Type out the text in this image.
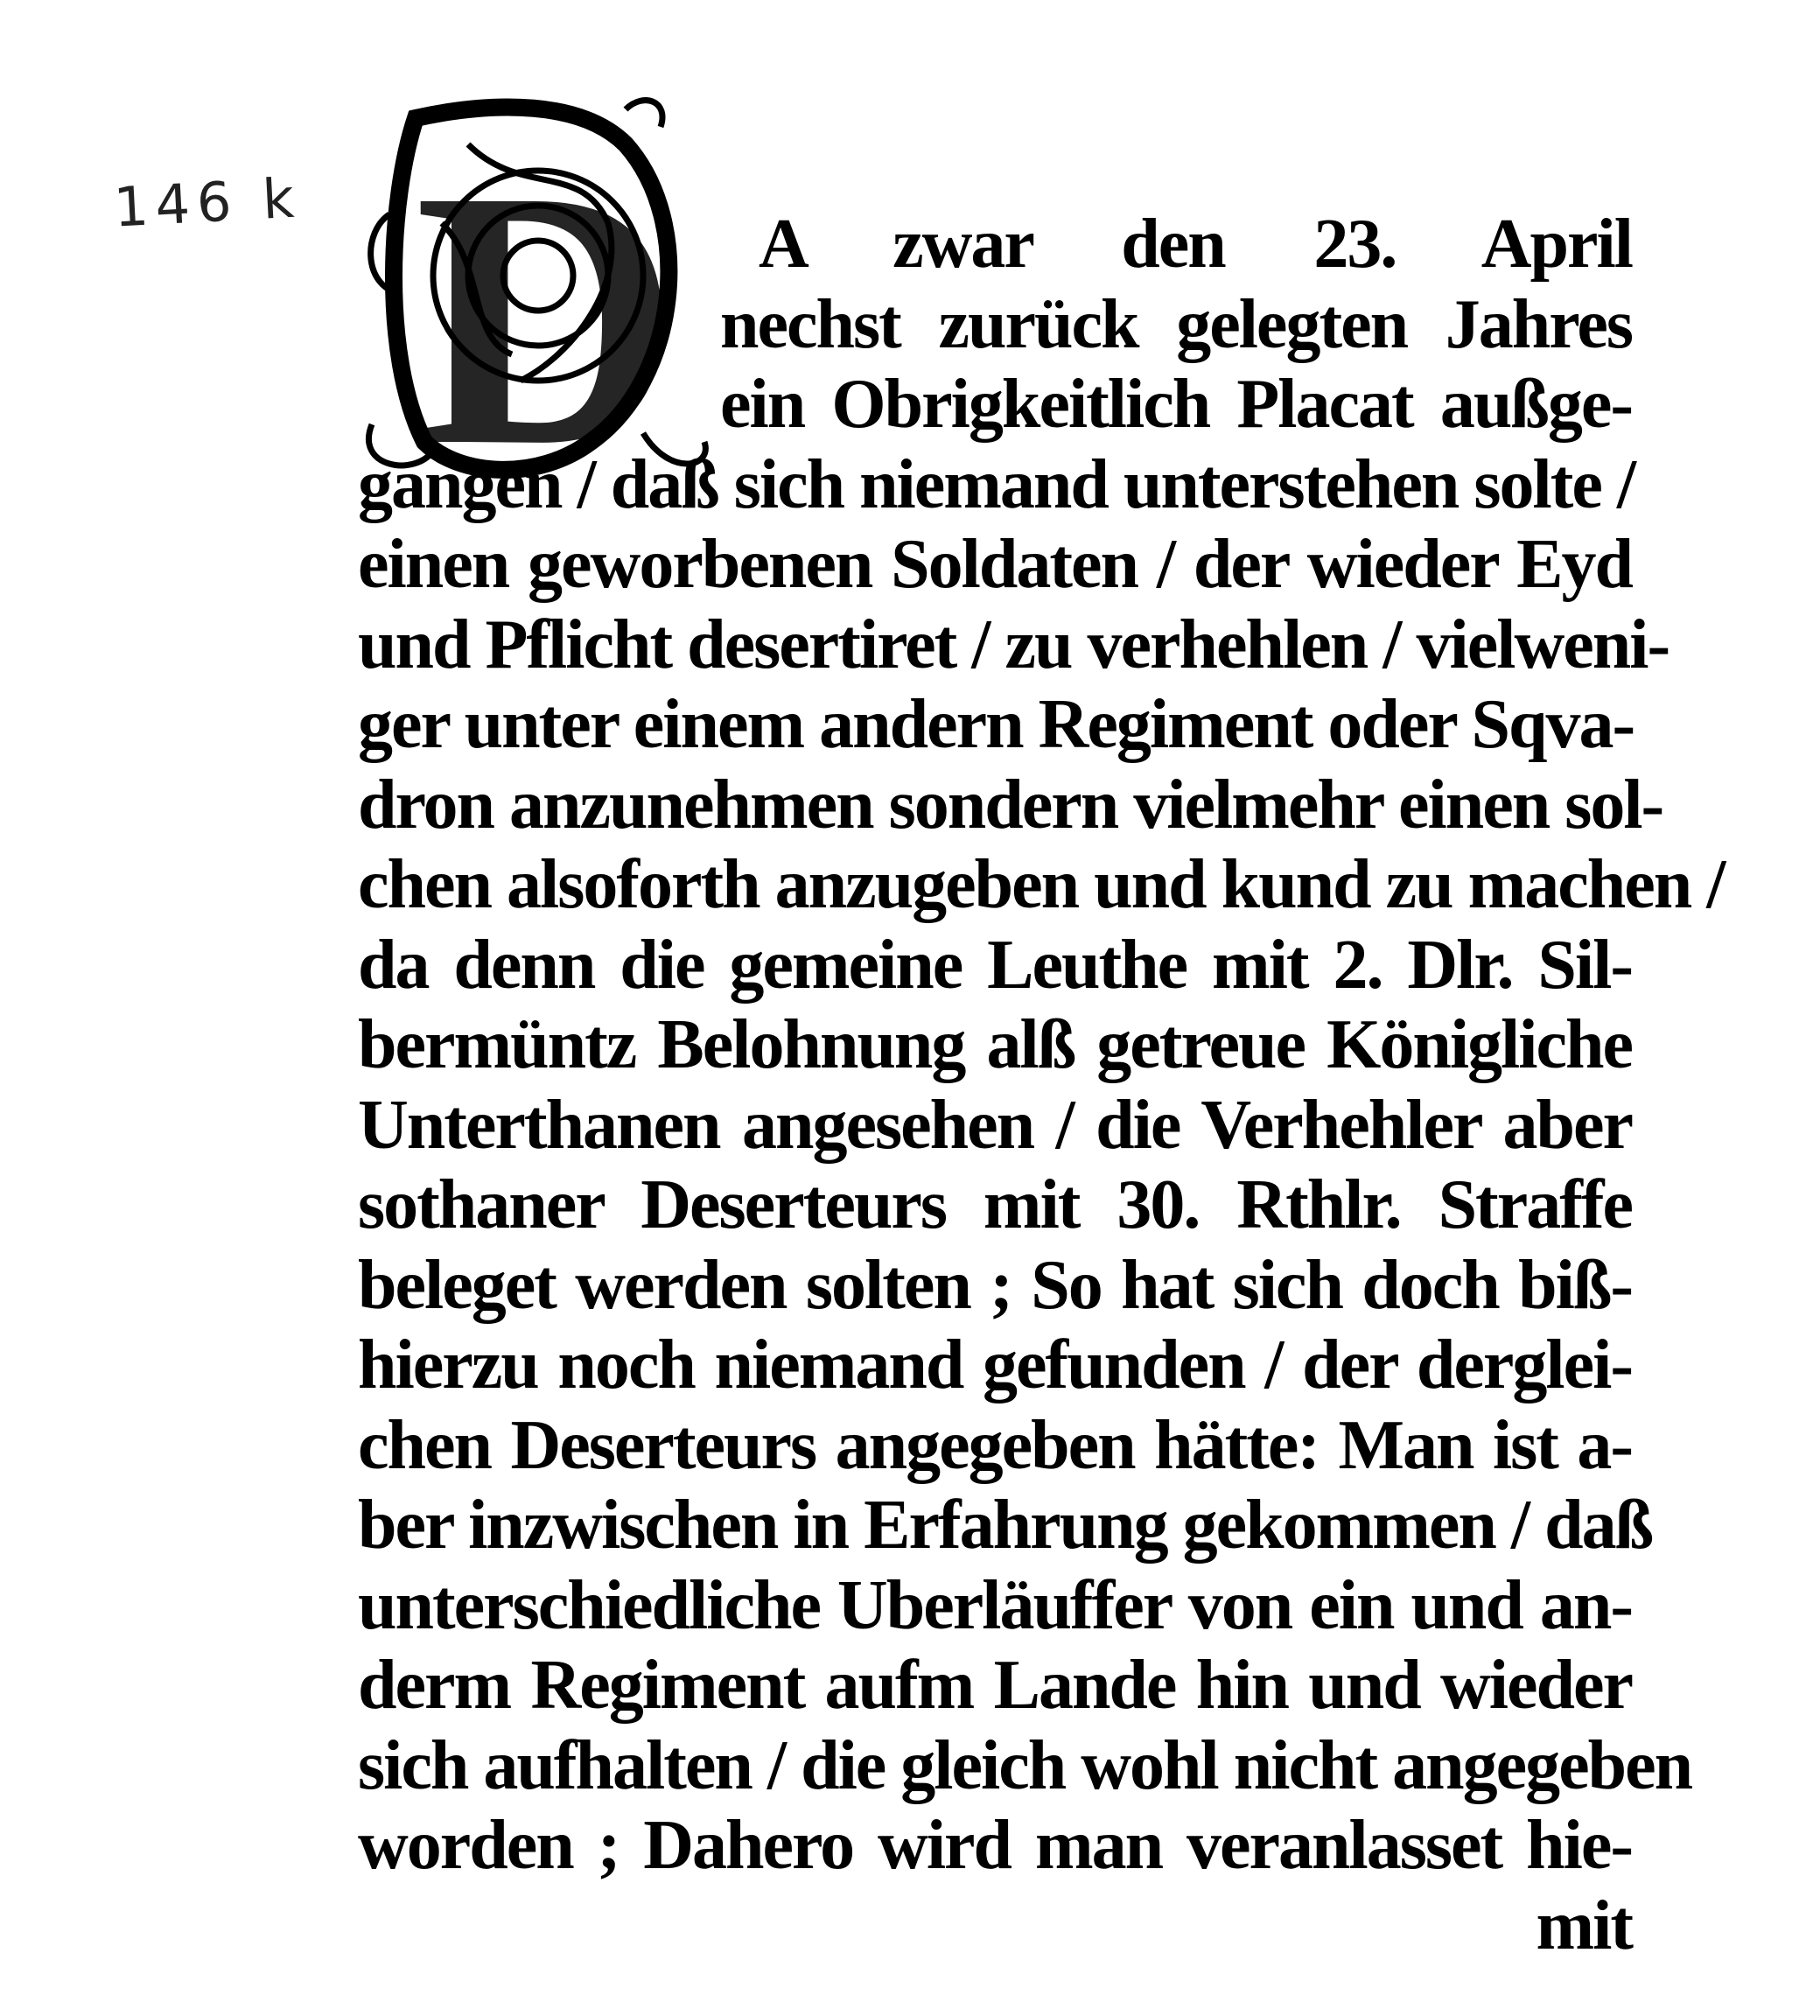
146 k D A zwar den 23. April
nechst zurück gelegten Jahres
ein Obrigkeitlich Placat außge-
gangen / daß sich niemand unterstehen solte /
einen geworbenen Soldaten / der wieder Eyd
und Pflicht desertiret / zu verhehlen / vielweni-
ger unter einem andern Regiment oder Sqva-
dron anzunehmen sondern vielmehr einen sol-
chen alsoforth anzugeben und kund zu machen /
da denn die gemeine Leuthe mit 2. Dlr. Sil-
bermüntz Belohnung alß getreue Königliche
Unterthanen angesehen / die Verhehler aber
sothaner Deserteurs mit 30. Rthlr. Straffe
beleget werden solten ; So hat sich doch biß-
hierzu noch niemand gefunden / der derglei-
chen Deserteurs angegeben hätte: Man ist a-
ber inzwischen in Erfahrung gekommen / daß
unterschiedliche Uberläuffer von ein und an-
derm Regiment aufm Lande hin und wieder
sich aufhalten / die gleich wohl nicht angegeben
worden ; Dahero wird man veranlasset hie-
mit
